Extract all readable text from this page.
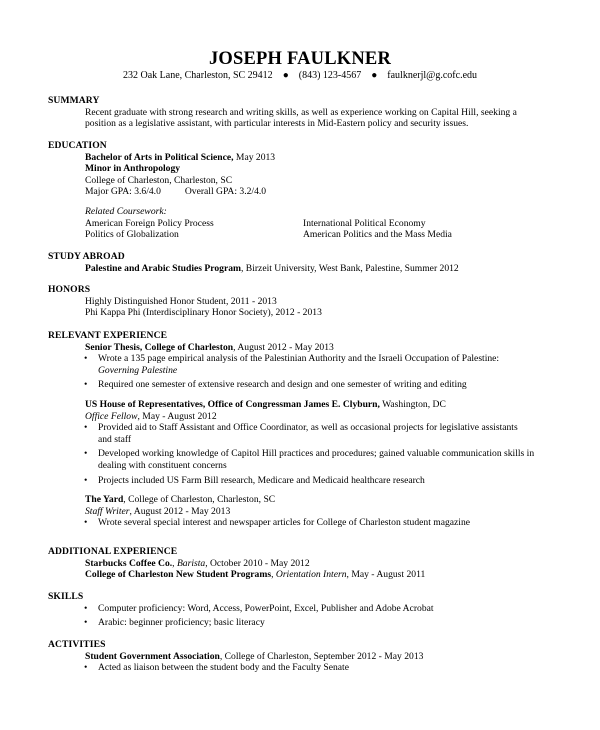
JOSEPH FAULKNER
232 Oak Lane, Charleston, SC 29412 ● (843) 123-4567 ● faulknerjl@g.cofc.edu
SUMMARY
Recent graduate with strong research and writing skills, as well as experience working on Capital Hill, seeking a
position as a legislative assistant, with particular interests in Mid-Eastern policy and security issues.
EDUCATION
Bachelor of Arts in Political Science, May 2013
Minor in Anthropology
College of Charleston, Charleston, SC
Major GPA: 3.6/4.0	Overall GPA: 3.2/4.0
Related Coursework:
American Foreign Policy Process	International Political Economy
Politics of Globalization	American Politics and the Mass Media
STUDY ABROAD
Palestine and Arabic Studies Program, Birzeit University, West Bank, Palestine, Summer 2012
HONORS
Highly Distinguished Honor Student, 2011 - 2013
Phi Kappa Phi (Interdisciplinary Honor Society), 2012 - 2013
RELEVANT EXPERIENCE
Senior Thesis, College of Charleston, August 2012 - May 2013
• Wrote a 135 page empirical analysis of the Palestinian Authority and the Israeli Occupation of Palestine:
Governing Palestine
• Required one semester of extensive research and design and one semester of writing and editing
US House of Representatives, Office of Congressman James E. Clyburn, Washington, DC
Office Fellow, May - August 2012
• Provided aid to Staff Assistant and Office Coordinator, as well as occasional projects for legislative assistants
and staff
• Developed working knowledge of Capitol Hill practices and procedures; gained valuable communication skills in
dealing with constituent concerns
• Projects included US Farm Bill research, Medicare and Medicaid healthcare research
The Yard, College of Charleston, Charleston, SC
Staff Writer, August 2012 - May 2013
• Wrote several special interest and newspaper articles for College of Charleston student magazine
ADDITIONAL EXPERIENCE
Starbucks Coffee Co., Barista, October 2010 - May 2012
College of Charleston New Student Programs, Orientation Intern, May - August 2011
SKILLS
• Computer proficiency: Word, Access, PowerPoint, Excel, Publisher and Adobe Acrobat
• Arabic: beginner proficiency; basic literacy
ACTIVITIES
Student Government Association, College of Charleston, September 2012 - May 2013
• Acted as liaison between the student body and the Faculty Senate
